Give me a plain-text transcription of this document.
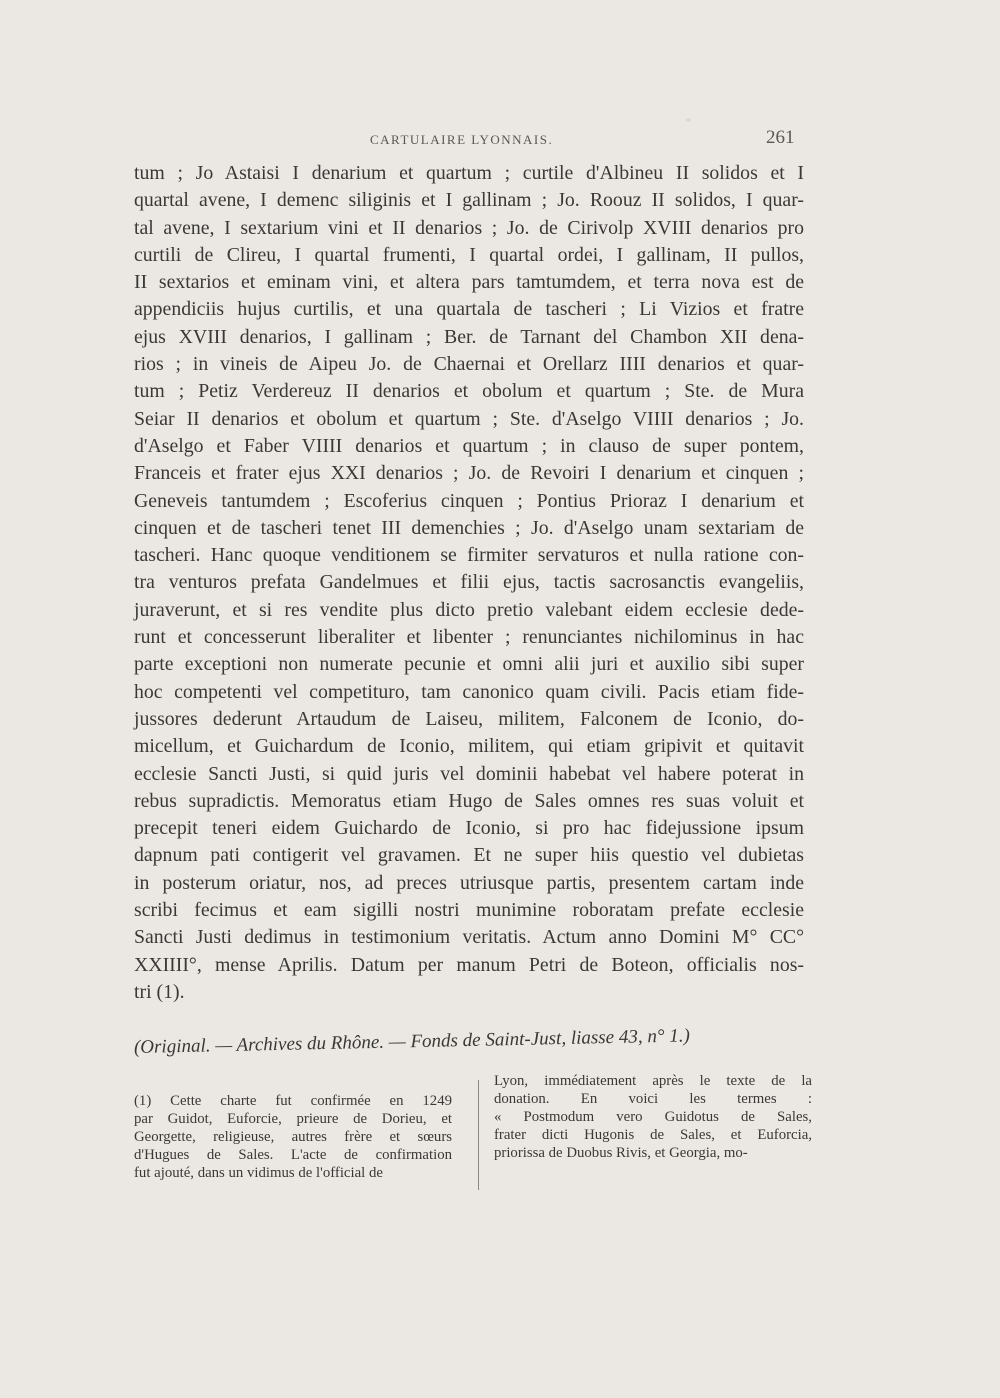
CARTULAIRE LYONNAIS.	261

tum ; Jo Astaisi I denarium et quartum ; curtile d'Albineu II solidos et I
quartal avene, I demenc siliginis et I gallinam ; Jo. Roouz II solidos, I quar-
tal avene, I sextarium vini et II denarios ; Jo. de Cirivolp XVIII denarios pro
curtili de Clireu, I quartal frumenti, I quartal ordei, I gallinam, II pullos,
II sextarios et eminam vini, et altera pars tamtumdem, et terra nova est de
appendiciis hujus curtilis, et una quartala de tascheri ; Li Vizios et fratre
ejus XVIII denarios, I gallinam ; Ber. de Tarnant del Chambon XII dena-
rios ; in vineis de Aipeu Jo. de Chaernai et Orellarz IIII denarios et quar-
tum ; Petiz Verdereuz II denarios et obolum et quartum ; Ste. de Mura
Seiar II denarios et obolum et quartum ; Ste. d'Aselgo VIIII denarios ; Jo.
d'Aselgo et Faber VIIII denarios et quartum ; in clauso de super pontem,
Franceis et frater ejus XXI denarios ; Jo. de Revoiri I denarium et cinquen ;
Geneveis tantumdem ; Escoferius cinquen ; Pontius Prioraz I denarium et
cinquen et de tascheri tenet III demenchies ; Jo. d'Aselgo unam sextariam de
tascheri. Hanc quoque venditionem se firmiter servaturos et nulla ratione con-
tra venturos prefata Gandelmues et filii ejus, tactis sacrosanctis evangeliis,
juraverunt, et si res vendite plus dicto pretio valebant eidem ecclesie dede-
runt et concesserunt liberaliter et libenter ; renunciantes nichilominus in hac
parte exceptioni non numerate pecunie et omni alii juri et auxilio sibi super
hoc competenti vel competituro, tam canonico quam civili. Pacis etiam fide-
jussores dederunt Artaudum de Laiseu, militem, Falconem de Iconio, do-
micellum, et Guichardum de Iconio, militem, qui etiam gripivit et quitavit
ecclesie Sancti Justi, si quid juris vel dominii habebat vel habere poterat in
rebus supradictis. Memoratus etiam Hugo de Sales omnes res suas voluit et
precepit teneri eidem Guichardo de Iconio, si pro hac fidejussione ipsum
dapnum pati contigerit vel gravamen. Et ne super hiis questio vel dubietas
in posterum oriatur, nos, ad preces utriusque partis, presentem cartam inde
scribi fecimus et eam sigilli nostri munimine roboratam prefate ecclesie
Sancti Justi dedimus in testimonium veritatis. Actum anno Domini M° CC°
XXIIII°, mense Aprilis. Datum per manum Petri de Boteon, officialis nos-
tri (1).

(Original. — Archives du Rhône. — Fonds de Saint-Just, liasse 43, n° 1.)
(1) Cette charte fut confirmée en 1249
par Guidot, Euforcie, prieure de Dorieu, et
Georgette, religieuse, autres frère et sœurs
d'Hugues de Sales. L'acte de confirmation
fut ajouté, dans un vidimus de l'official de
Lyon, immédiatement après le texte de la
donation. En voici les termes :
« Postmodum vero Guidotus de Sales,
frater dicti Hugonis de Sales, et Euforcia,
priorissa de Duobus Rivis, et Georgia, mo-
